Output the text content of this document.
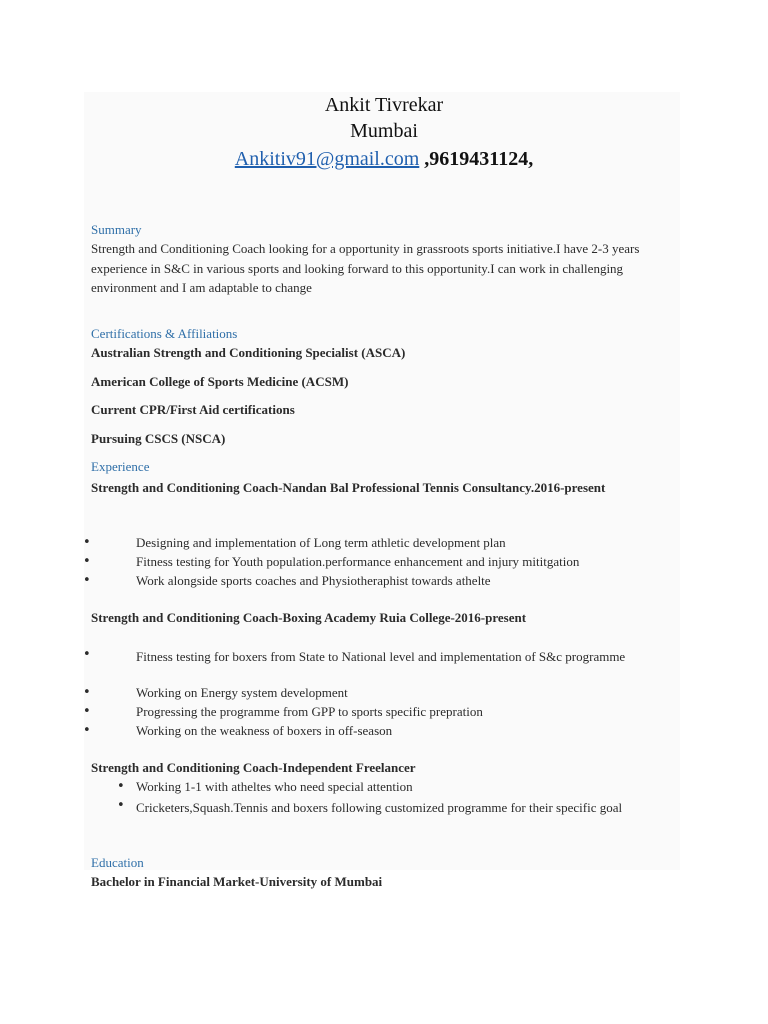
Ankit Tivrekar
Mumbai
Ankitiv91@gmail.com ,9619431124,
Summary
Strength and Conditioning Coach looking for a opportunity in grassroots sports initiative.I have 2-3 years experience in S&C in various sports and looking forward to this opportunity.I can work in challenging environment and I am adaptable to change
Certifications & Affiliations
Australian Strength and Conditioning Specialist (ASCA)
American College of Sports Medicine (ACSM)
Current CPR/First Aid certifications
Pursuing CSCS (NSCA)
Experience
Strength and Conditioning Coach-Nandan Bal Professional Tennis Consultancy.2016-present
•	Designing and implementation of Long term athletic development plan
•	Fitness testing for Youth population.performance enhancement and injury mititgation
•	Work alongside sports coaches and Physiotheraphist towards athelte
Strength and Conditioning Coach-Boxing Academy Ruia College-2016-present
•	Fitness testing for boxers from State to National level and implementation of S&c programme
•	Working on Energy system development
•	Progressing the programme from GPP to sports specific prepration
•	Working on the weakness of boxers in off-season
Strength and Conditioning Coach-Independent Freelancer
• Working 1-1 with atheltes who need special attention
• Cricketers,Squash.Tennis and boxers following customized programme for their specific goal
Education
Bachelor in Financial Market-University of Mumbai
